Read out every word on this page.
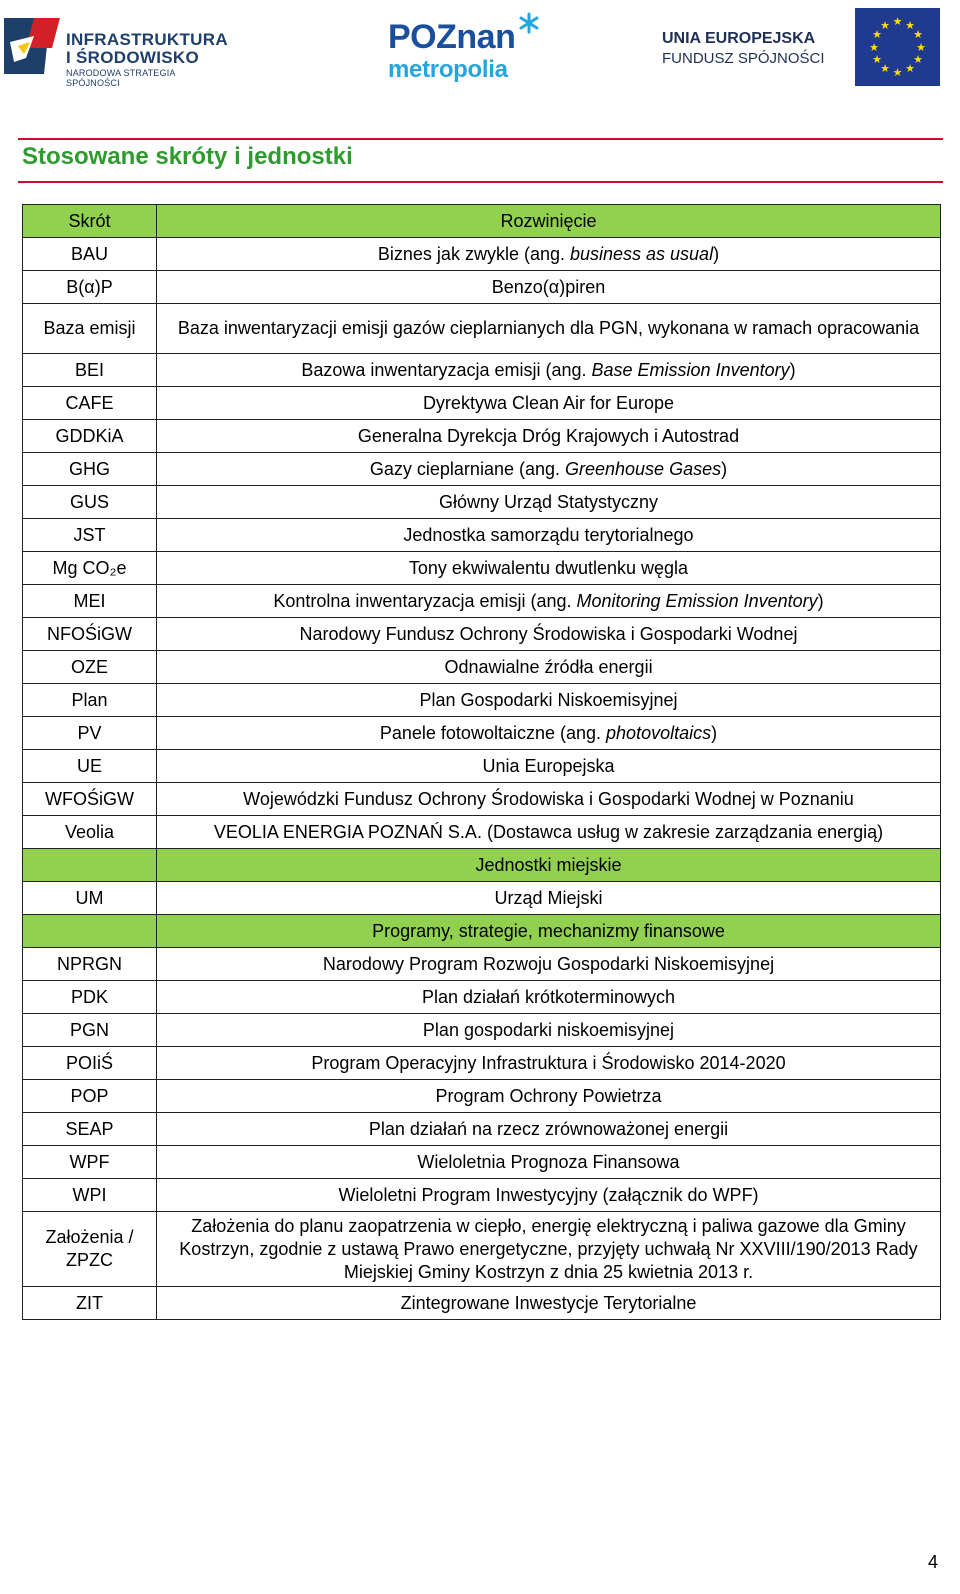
INFRASTRUKTURA
I ŚRODOWISKO
NARODOWA STRATEGIA SPÓJNOŚCI
POZnan
metropolia
UNIA EUROPEJSKA
FUNDUSZ SPÓJNOŚCI
★ ★
★
★
★
★
★
★
★
★
★
★
Stosowane skróty i jednostki
Skrót	Rozwinięcie
BAU	Biznes jak zwykle (ang. business as usual)
B(α)P	Benzo(α)piren
Baza emisji	Baza inwentaryzacji emisji gazów cieplarnianych dla PGN, wykonana w ramach opracowania
BEI	Bazowa inwentaryzacja emisji (ang. Base Emission Inventory)
CAFE	Dyrektywa Clean Air for Europe
GDDKiA	Generalna Dyrekcja Dróg Krajowych i Autostrad
GHG	Gazy cieplarniane (ang. Greenhouse Gases)
GUS	Główny Urząd Statystyczny
JST	Jednostka samorządu terytorialnego
Mg CO₂e	Tony ekwiwalentu dwutlenku węgla
MEI	Kontrolna inwentaryzacja emisji (ang. Monitoring Emission Inventory)
NFOŚiGW	Narodowy Fundusz Ochrony Środowiska i Gospodarki Wodnej
OZE	Odnawialne źródła energii
Plan	Plan Gospodarki Niskoemisyjnej
PV	Panele fotowoltaiczne (ang. photovoltaics)
UE	Unia Europejska
WFOŚiGW	Wojewódzki Fundusz Ochrony Środowiska i Gospodarki Wodnej w Poznaniu
Veolia	VEOLIA ENERGIA POZNAŃ S.A. (Dostawca usług w zakresie zarządzania energią)
	Jednostki miejskie
UM	Urząd Miejski
	Programy, strategie, mechanizmy finansowe
NPRGN	Narodowy Program Rozwoju Gospodarki Niskoemisyjnej
PDK	Plan działań krótkoterminowych
PGN	Plan gospodarki niskoemisyjnej
POIiŚ	Program Operacyjny Infrastruktura i Środowisko 2014-2020
POP	Program Ochrony Powietrza
SEAP	Plan działań na rzecz zrównoważonej energii
WPF	Wieloletnia Prognoza Finansowa
WPI	Wieloletni Program Inwestycyjny (załącznik do WPF)
Założenia / ZPZC	Założenia do planu zaopatrzenia w ciepło, energię elektryczną i paliwa gazowe dla Gminy Kostrzyn, zgodnie z ustawą Prawo energetyczne, przyjęty uchwałą Nr XXVIII/190/2013 Rady Miejskiej Gminy Kostrzyn z dnia 25 kwietnia 2013 r.
ZIT	Zintegrowane Inwestycje Terytorialne
4
